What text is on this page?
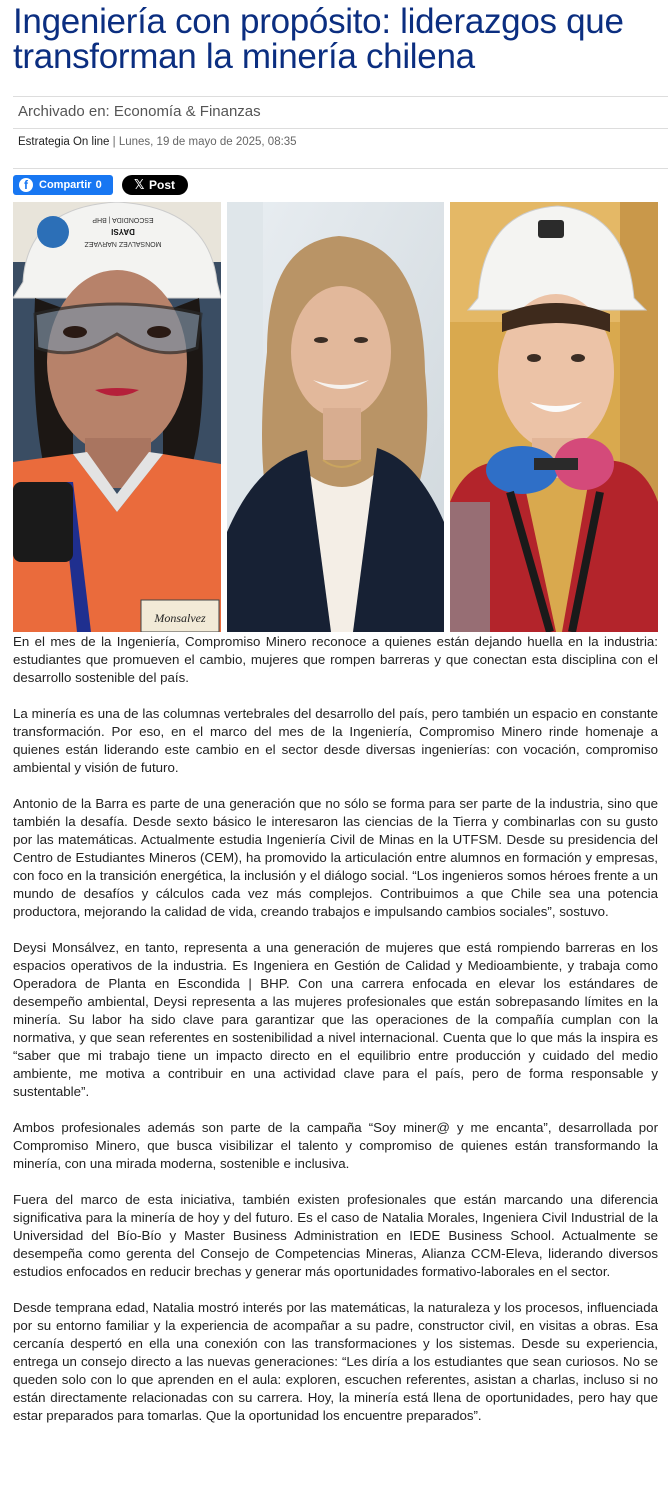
Ingeniería con propósito: liderazgos que transforman la minería chilena
Archivado en: Economía & Finanzas
Estrategia On line | Lunes, 19 de mayo de 2025, 08:35
f	Compartir 0 𝕏 Post
ESCONDIDA | BHP
DAYSI
MONSALVEZ NARVAEZ
Monsalvez

En el mes de la Ingeniería, Compromiso Minero reconoce a quienes están dejando huella en la industria: estudiantes que promueven el cambio, mujeres que rompen barreras y que conectan esta disciplina con el desarrollo sostenible del país.

La minería es una de las columnas vertebrales del desarrollo del país, pero también un espacio en constante transformación. Por eso, en el marco del mes de la Ingeniería, Compromiso Minero rinde homenaje a quienes están liderando este cambio en el sector desde diversas ingenierías: con vocación, compromiso ambiental y visión de futuro.

Antonio de la Barra es parte de una generación que no sólo se forma para ser parte de la industria, sino que también la desafía. Desde sexto básico le interesaron las ciencias de la Tierra y combinarlas con su gusto por las matemáticas. Actualmente estudia Ingeniería Civil de Minas en la UTFSM. Desde su presidencia del Centro de Estudiantes Mineros (CEM), ha promovido la articulación entre alumnos en formación y empresas, con foco en la transición energética, la inclusión y el diálogo social. “Los ingenieros somos héroes frente a un mundo de desafíos y cálculos cada vez más complejos. Contribuimos a que Chile sea una potencia productora, mejorando la calidad de vida, creando trabajos e impulsando cambios sociales”, sostuvo.

Deysi Monsálvez, en tanto, representa a una generación de mujeres que está rompiendo barreras en los espacios operativos de la industria. Es Ingeniera en Gestión de Calidad y Medioambiente, y trabaja como Operadora de Planta en Escondida | BHP. Con una carrera enfocada en elevar los estándares de desempeño ambiental, Deysi representa a las mujeres profesionales que están sobrepasando límites en la minería. Su labor ha sido clave para garantizar que las operaciones de la compañía cumplan con la normativa, y que sean referentes en sostenibilidad a nivel internacional. Cuenta que lo que más la inspira es “saber que mi trabajo tiene un impacto directo en el equilibrio entre producción y cuidado del medio ambiente, me motiva a contribuir en una actividad clave para el país, pero de forma responsable y sustentable”.

Ambos profesionales además son parte de la campaña “Soy miner@ y me encanta”, desarrollada por Compromiso Minero, que busca visibilizar el talento y compromiso de quienes están transformando la minería, con una mirada moderna, sostenible e inclusiva.

Fuera del marco de esta iniciativa, también existen profesionales que están marcando una diferencia significativa para la minería de hoy y del futuro. Es el caso de Natalia Morales, Ingeniera Civil Industrial de la Universidad del Bío-Bío y Master Business Administration en IEDE Business School. Actualmente se desempeña como gerenta del Consejo de Competencias Mineras, Alianza CCM-Eleva, liderando diversos estudios enfocados en reducir brechas y generar más oportunidades formativo-laborales en el sector.

Desde temprana edad, Natalia mostró interés por las matemáticas, la naturaleza y los procesos, influenciada por su entorno familiar y la experiencia de acompañar a su padre, constructor civil, en visitas a obras. Esa cercanía despertó en ella una conexión con las transformaciones y los sistemas. Desde su experiencia, entrega un consejo directo a las nuevas generaciones: “Les diría a los estudiantes que sean curiosos. No se queden solo con lo que aprenden en el aula: exploren, escuchen referentes, asistan a charlas, incluso si no están directamente relacionadas con su carrera. Hoy, la minería está llena de oportunidades, pero hay que estar preparados para tomarlas. Que la oportunidad los encuentre preparados”.
